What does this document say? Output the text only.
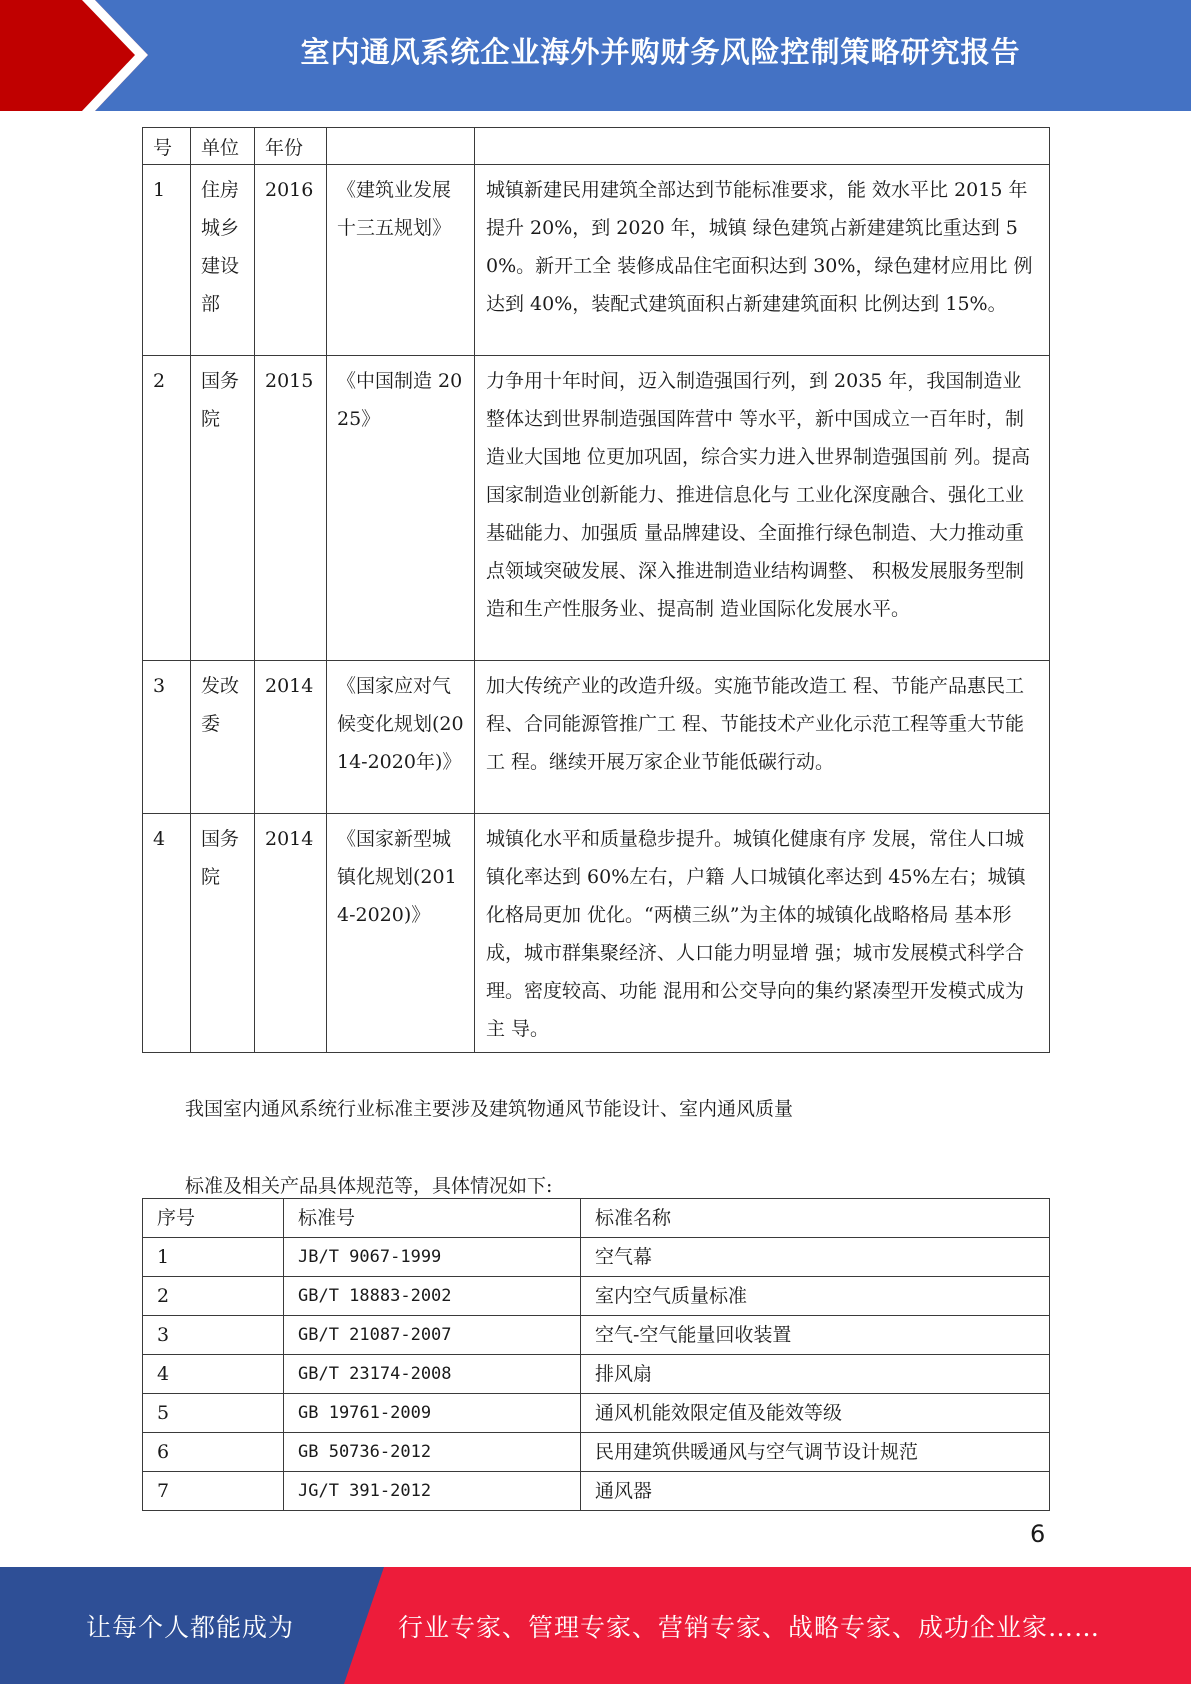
室内通风系统企业海外并购财务风险控制策略研究报告
号	单位	年份		
1	住房城乡建设部	2016	《建筑业发展十三五规划》	城镇新建民用建筑全部达到节能标准要求，能 效水平比 2015 年提升 20%，到 2020 年，城镇 绿色建筑占新建建筑比重达到 50%。新开工全 装修成品住宅面积达到 30%，绿色建材应用比 例达到 40%，装配式建筑面积占新建建筑面积 比例达到 15%。
2	国务院	2015	《中国制造 2025》	力争用十年时间，迈入制造强国行列，到 2035 年，我国制造业整体达到世界制造强国阵营中 等水平，新中国成立一百年时，制造业大国地 位更加巩固，综合实力进入世界制造强国前 列。提高国家制造业创新能力、推进信息化与 工业化深度融合、强化工业基础能力、加强质 量品牌建设、全面推行绿色制造、大力推动重 点领域突破发展、深入推进制造业结构调整、 积极发展服务型制造和生产性服务业、提高制 造业国际化发展水平。
3	发改委	2014	《国家应对气候变化规划(2014-2020年)》	加大传统产业的改造升级。实施节能改造工 程、节能产品惠民工程、合同能源管推广工 程、节能技术产业化示范工程等重大节能工 程。继续开展万家企业节能低碳行动。
4	国务院	2014	《国家新型城镇化规划(2014-2020)》	城镇化水平和质量稳步提升。城镇化健康有序 发展，常住人口城镇化率达到 60%左右，户籍 人口城镇化率达到 45%左右；城镇化格局更加 优化。“两横三纵”为主体的城镇化战略格局 基本形成，城市群集聚经济、人口能力明显增 强；城市发展模式科学合理。密度较高、功能 混用和公交导向的集约紧凑型开发模式成为主 导。
我国室内通风系统行业标准主要涉及建筑物通风节能设计、室内通风质量
标准及相关产品具体规范等，具体情况如下:
序号	标准号	标准名称
1	JB/T 9067-1999	空气幕
2	GB/T 18883-2002	室内空气质量标准
3	GB/T 21087-2007	空气-空气能量回收装置
4	GB/T 23174-2008	排风扇
5	GB 19761-2009	通风机能效限定值及能效等级
6	GB 50736-2012	民用建筑供暖通风与空气调节设计规范
7	JG/T 391-2012	通风器
6
让每个人都能成为	行业专家、管理专家、营销专家、战略专家、成功企业家……
